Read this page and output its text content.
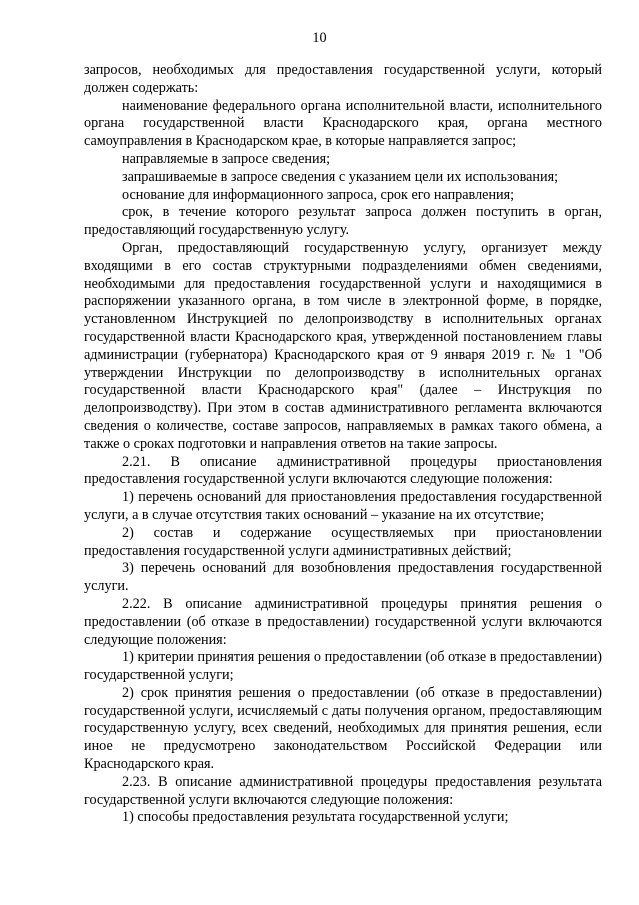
10

запросов, необходимых для предоставления государственной услуги, который должен содержать:

наименование федерального органа исполнительной власти, исполнительного органа государственной власти Краснодарского края, органа местного самоуправления в Краснодарском крае, в которые направляется запрос;

направляемые в запросе сведения;

запрашиваемые в запросе сведения с указанием цели их использования;

основание для информационного запроса, срок его направления;

срок, в течение которого результат запроса должен поступить в орган, предоставляющий государственную услугу.

Орган, предоставляющий государственную услугу, организует между входящими в его состав структурными подразделениями обмен сведениями, необходимыми для предоставления государственной услуги и находящимися в распоряжении указанного органа, в том числе в электронной форме, в порядке, установленном Инструкцией по делопроизводству в исполнительных органах государственной власти Краснодарского края, утвержденной постановлением главы администрации (губернатора) Краснодарского края от 9 января 2019 г. № 1 "Об утверждении Инструкции по делопроизводству в исполнительных органах государственной власти Краснодарского края" (далее – Инструкция по делопроизводству). При этом в состав административного регламента включаются сведения о количестве, составе запросов, направляемых в рамках такого обмена, а также о сроках подготовки и направления ответов на такие запросы.

2.21. В описание административной процедуры приостановления предоставления государственной услуги включаются следующие положения:

1) перечень оснований для приостановления предоставления государственной услуги, а в случае отсутствия таких оснований – указание на их отсутствие;

2) состав и содержание осуществляемых при приостановлении предоставления государственной услуги административных действий;

3) перечень оснований для возобновления предоставления государственной услуги.

2.22. В описание административной процедуры принятия решения о предоставлении (об отказе в предоставлении) государственной услуги включаются следующие положения:

1) критерии принятия решения о предоставлении (об отказе в предоставлении) государственной услуги;

2) срок принятия решения о предоставлении (об отказе в предоставлении) государственной услуги, исчисляемый с даты получения органом, предоставляющим государственную услугу, всех сведений, необходимых для принятия решения, если иное не предусмотрено законодательством Российской Федерации или Краснодарского края.

2.23. В описание административной процедуры предоставления результата государственной услуги включаются следующие положения:

1) способы предоставления результата государственной услуги;
